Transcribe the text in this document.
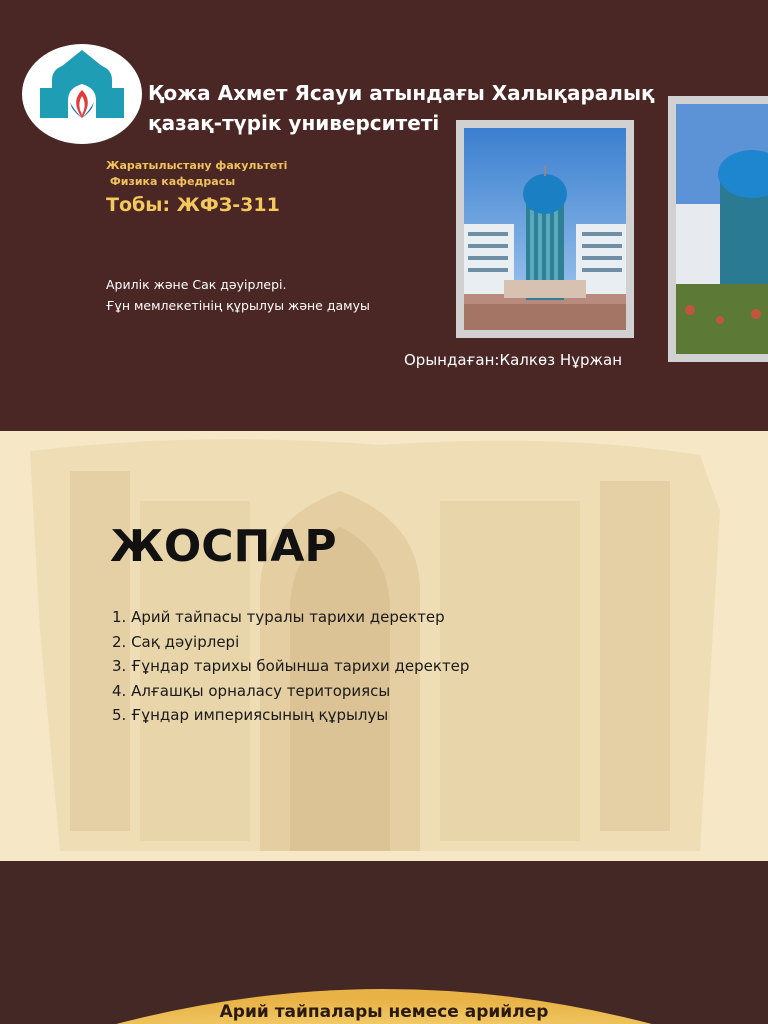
Қожа Ахмет Ясауи атындағы Халықаралық қазақ-түрік университеті
Жаратылыстану факультеті
Физика кафедрасы
Тобы: ЖФЗ-311
Арилік және Сак дәуірлері.
Ғұн мемлекетінің құрылуы және дамуы
Орындаған:Калкөз Нұржан
ЖОСПАР
1. Арий тайпасы туралы тарихи деректер
2. Сақ дәуірлері
3. Ғұндар тарихы бойынша тарихи деректер
4. Алғашқы орналасу териториясы
5. Ғұндар империясының құрылуы
Арий тайпалары немесе арийлер
